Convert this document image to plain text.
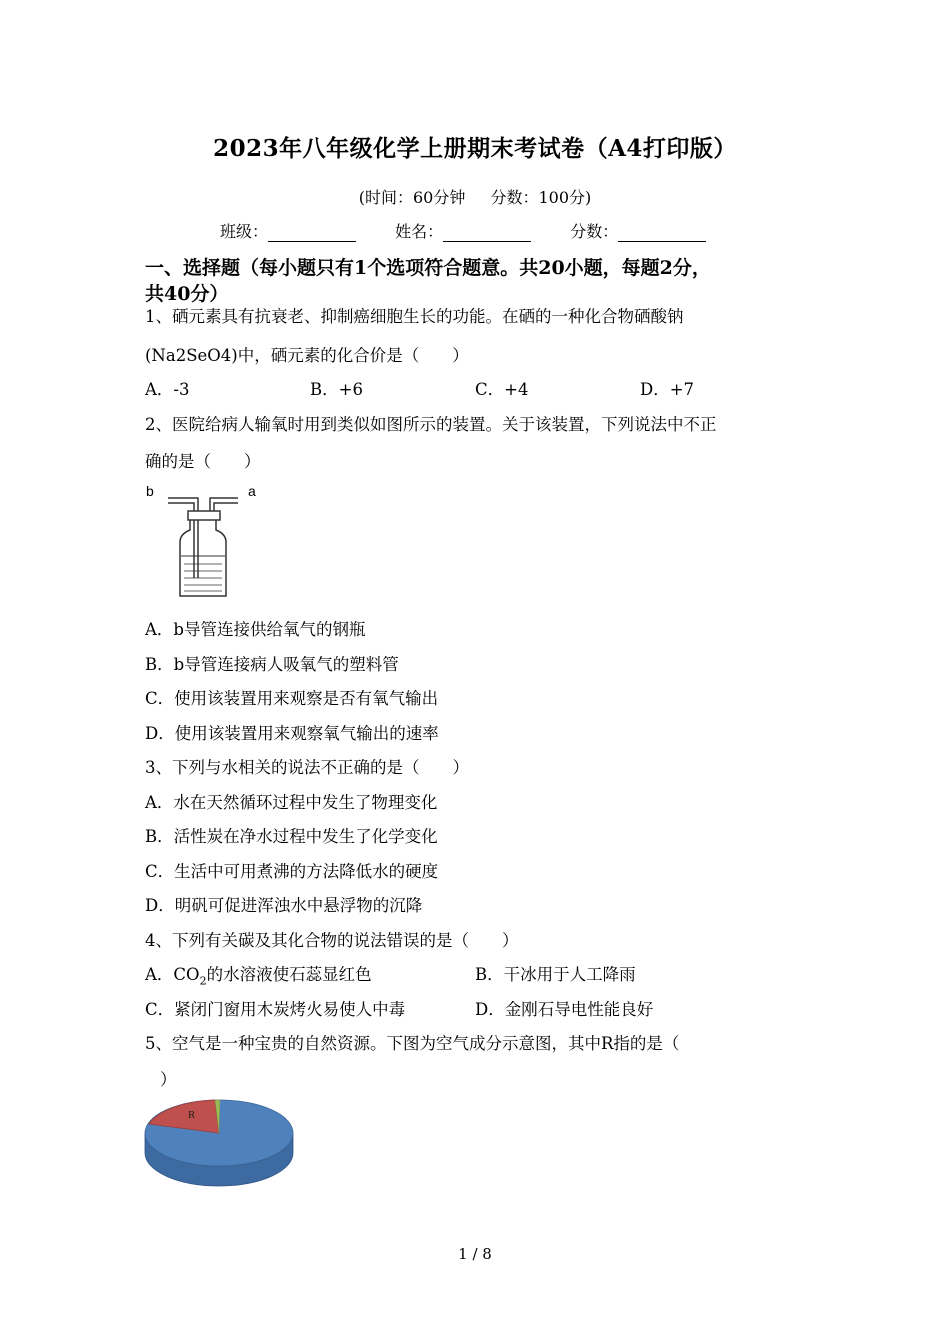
2023年八年级化学上册期末考试卷（A4打印版）
(时间：60分钟 分数：100分)
班级：	姓名：	分数：
一、选择题（每小题只有1个选项符合题意。共20小题，每题2分，
共40分）
1、硒元素具有抗衰老、抑制癌细胞生长的功能。在硒的一种化合物硒酸钠
(Na2SeO4)中，硒元素的化合价是（　　）
A．-3	B．+6	C．+4	D．+7
2、医院给病人输氧时用到类似如图所示的装置。关于该装置，下列说法中不正
确的是（　　）
b	a
A．b导管连接供给氧气的钢瓶
B．b导管连接病人吸氧气的塑料管
C．使用该装置用来观察是否有氧气输出
D．使用该装置用来观察氧气输出的速率
3、下列与水相关的说法不正确的是（　　）
A．水在天然循环过程中发生了物理变化
B．活性炭在净水过程中发生了化学变化
C．生活中可用煮沸的方法降低水的硬度
D．明矾可促进浑浊水中悬浮物的沉降
4、下列有关碳及其化合物的说法错误的是（　　）
A．$CO_2$的水溶液使石蕊显红色	B．干冰用于人工降雨
C．紧闭门窗用木炭烤火易使人中毒	D．金刚石导电性能良好
5、空气是一种宝贵的自然资源。下图为空气成分示意图，其中R指的是（
）
R
1 / 8
